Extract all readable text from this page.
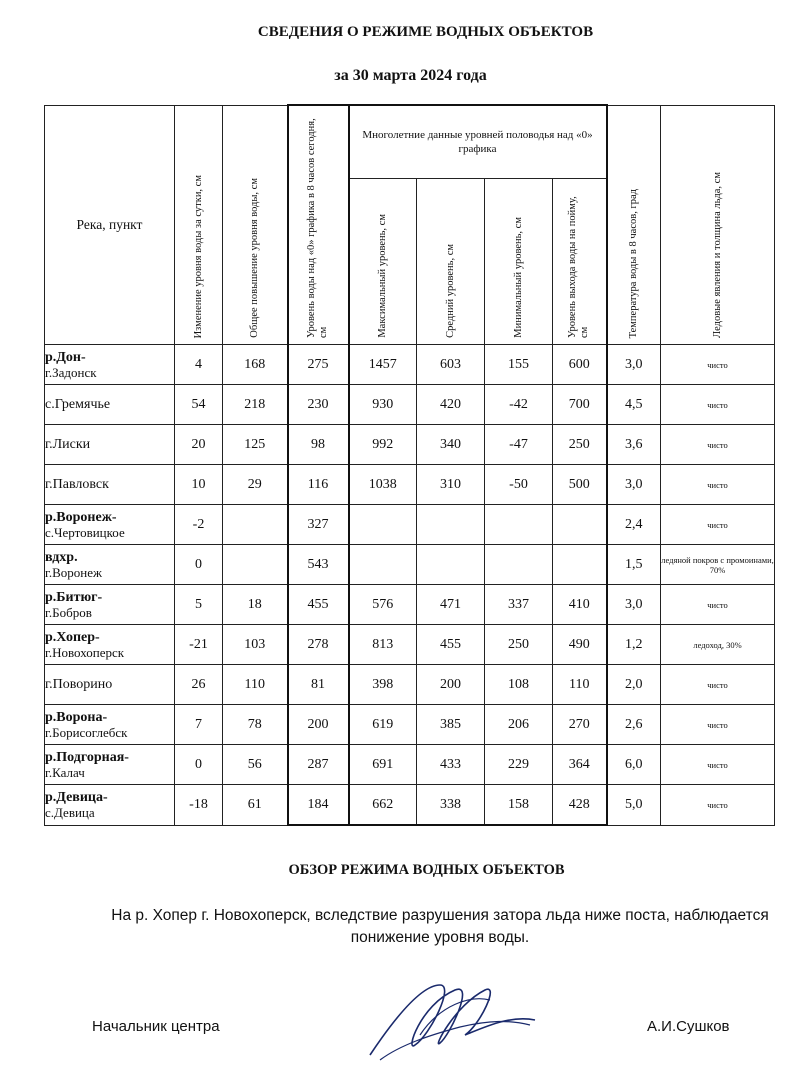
СВЕДЕНИЯ О РЕЖИМЕ ВОДНЫХ ОБЪЕКТОВ
за 30 марта 2024 года
Река, пункт	Изменение уровня воды за сутки, см	Общее повышение уровня воды, см	Уровень воды над «0» графика в 8 часов сегодня, см	Многолетние данные уровней половодья над «0» графика				Температура воды в 8 часов, град	Ледовые явления и толщина льда, см

				Максимальный уровень, см	Средний уровень, см	Минимальный уровень, см	Уровень выхода воды на пойму, см		

р.Дон-
г.Задонск	4	168	275	1457	603	155	600	3,0	чисто
с.Гремячье	54	218	230	930	420	-42	700	4,5	чисто
г.Лиски	20	125	98	992	340	-47	250	3,6	чисто
г.Павловск	10	29	116	1038	310	-50	500	3,0	чисто

р.Воронеж-
с.Чертовицкое	-2		327					2,4	чисто

вдхр.
г.Воронеж	0		543					1,5	ледяной покров с промоинами, 70%

р.Битюг-
г.Бобров	5	18	455	576	471	337	410	3,0	чисто

р.Хопер-
г.Новохоперск	-21	103	278	813	455	250	490	1,2	ледоход, 30%
г.Поворино	26	110	81	398	200	108	110	2,0	чисто

р.Ворона-
г.Борисоглебск	7	78	200	619	385	206	270	2,6	чисто

р.Подгорная-
г.Калач	0	56	287	691	433	229	364	6,0	чисто

р.Девица-
с.Девица	-18	61	184	662	338	158	428	5,0	чисто
ОБЗОР РЕЖИМА ВОДНЫХ ОБЪЕКТОВ
На р. Хопер г. Новохоперск, вследствие разрушения затора льда ниже поста, наблюдается понижение уровня воды.
Начальник центра	А.И.Сушков
